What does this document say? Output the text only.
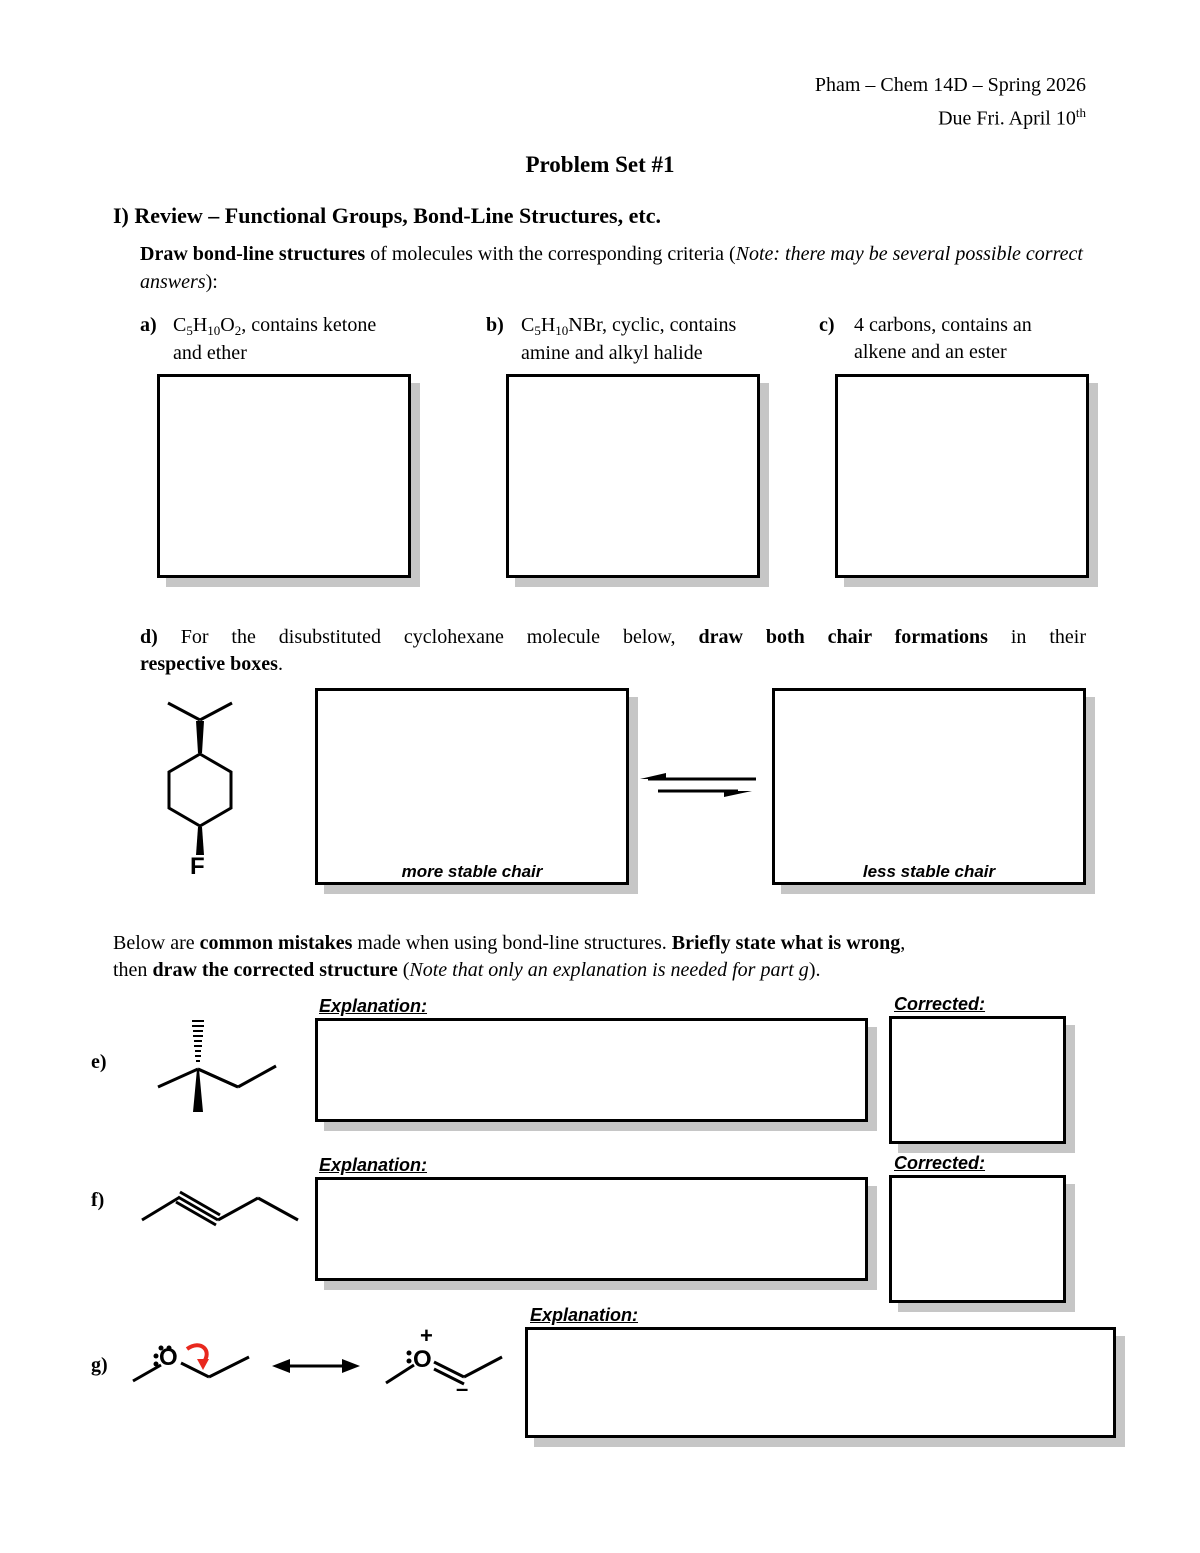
Pham – Chem 14D – Spring 2026
Due Fri. April 10th
Problem Set #1
I) Review – Functional Groups, Bond-Line Structures, etc.
Draw bond-line structures of molecules with the corresponding criteria (Note: there may be several possible correct answers):
a) $C_5H_{10}O_2$, contains ketone
and ether
b) $C_5H_{10}NBr$, cyclic, contains
amine and alkyl halide
c) 4 carbons, contains an
alkene and an ester
d) For the disubstituted cyclohexane molecule below, draw both chair formations in their
respective boxes.
F	more stable chair	less stable chair
Below are common mistakes made when using bond-line structures. Briefly state what is wrong,
then draw the corrected structure (Note that only an explanation is needed for part g).
e)
Explanation:	Corrected:
f)
Explanation:	Corrected:
g) O	O
+
–
Explanation:
